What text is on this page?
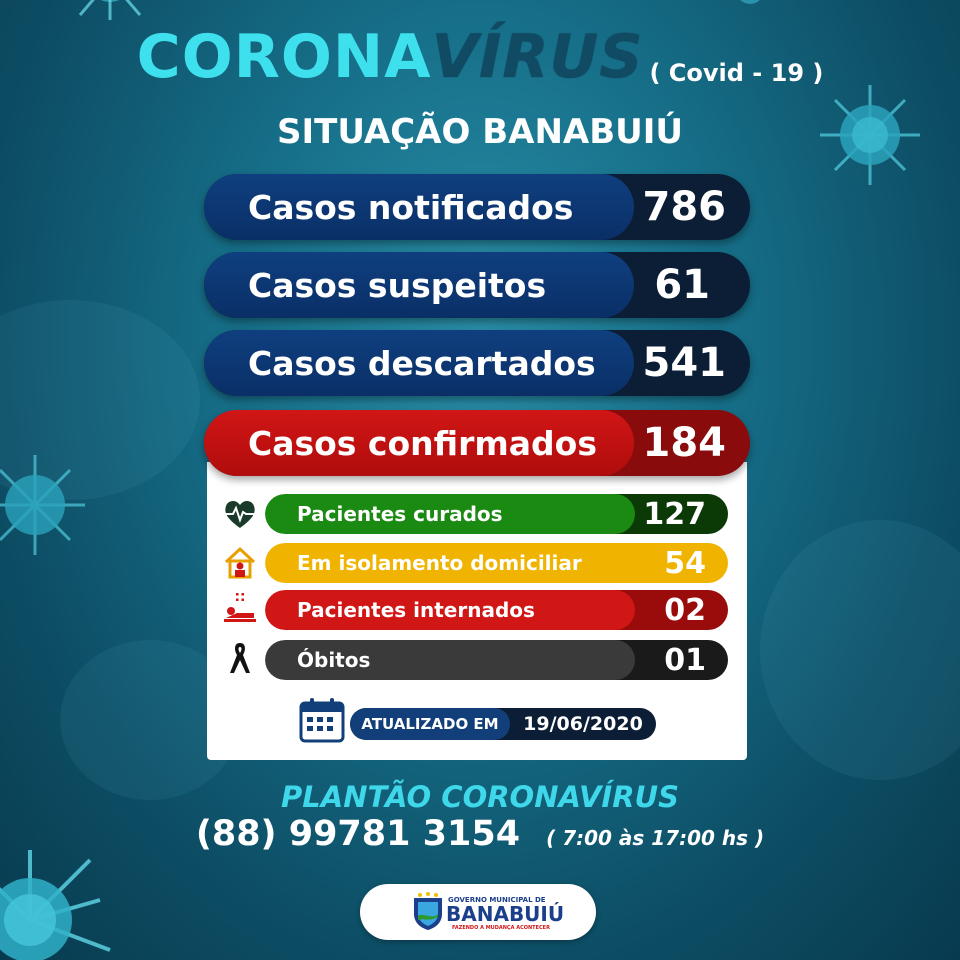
CORONAVÍRUS ( Covid - 19 )
SITUAÇÃO BANABUIÚ
Casos notificados	786
Casos suspeitos	61
Casos descartados	541
Casos confirmados	184
Pacientes curados	127
Em isolamento domiciliar	54
Pacientes internados	02
Óbitos	01
ATUALIZADO EM	19/06/2020
PLANTÃO CORONAVÍRUS
(88) 99781 3154 ( 7:00 às 17:00 hs )
GOVERNO MUNICIPAL DE
BANABUIÚ
FAZENDO A MUDANÇA ACONTECER
